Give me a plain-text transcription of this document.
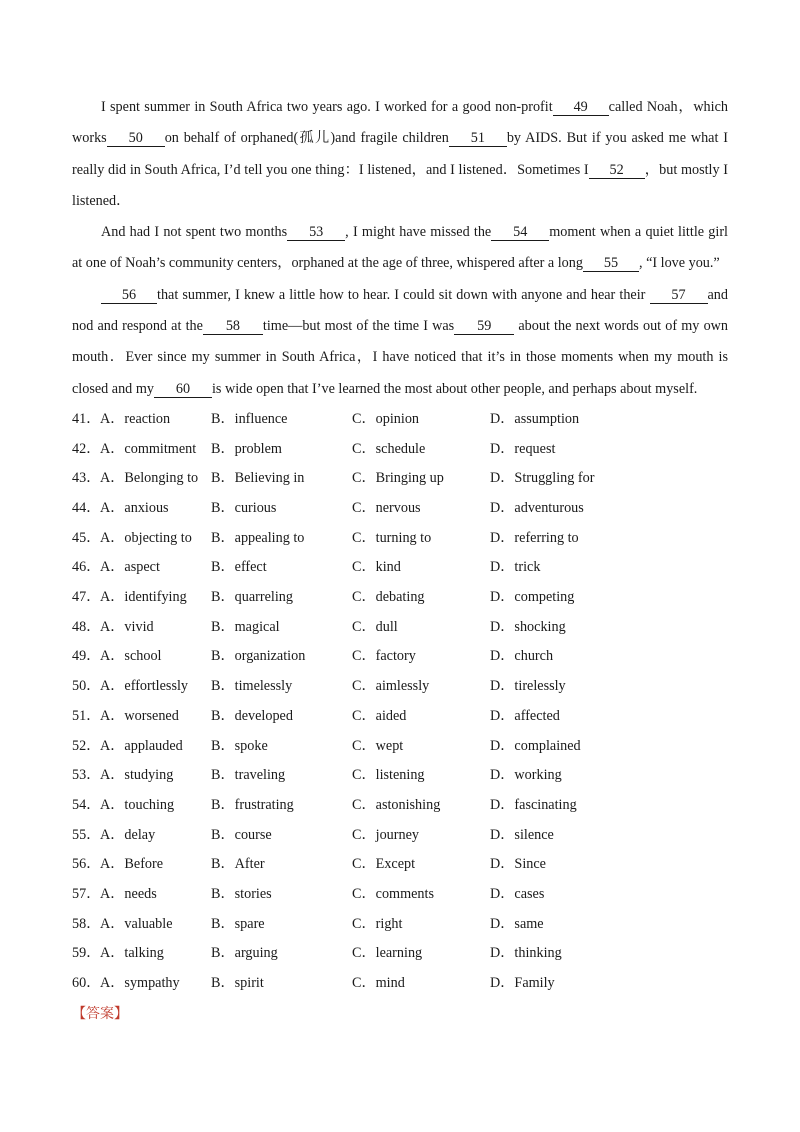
I spent summer in South Africa two years ago. I worked for a good non-profit 49 called Noah，which works 50 on behalf of orphaned(孤儿)and fragile children 51 by AIDS. But if you asked me what I really did in South Africa, I’d tell you one thing：I listened，and I listened．Sometimes I 52 ，but mostly I listened．

And had I not spent two months 53 , I might have missed the 54 moment when a quiet little girl at one of Noah’s community centers，orphaned at the age of three, whispered after a long 55 , “I love you.”

56 that summer, I knew a little how to hear. I could sit down with anyone and hear their 57 and nod and respond at the 58 time—but most of the time I was 59 about the next words out of my own mouth．Ever since my summer in South Africa，I have noticed that it’s in those moments when my mouth is closed and my 60 is wide open that I’ve learned the most about other people, and perhaps about myself.

41． A．reaction	B．influence	C．opinion	D．assumption
42． A．commitment B．problem	C．schedule	D．request
43． A．Belonging to B．Believing in	C．Bringing up	D．Struggling for
44． A．anxious	B．curious	C．nervous	D．adventurous
45． A．objecting to B．appealing to	C．turning to	D．referring to
46． A．aspect	B．effect	C．kind	D．trick
47． A．identifying B．quarreling	C．debating	D．competing
48． A．vivid	B．magical	C．dull	D．shocking
49． A．school	B．organization	C．factory	D．church
50． A．effortlessly B．timelessly	C．aimlessly	D．tirelessly
51． A．worsened B．developed	C．aided	D．affected
52． A．applauded B．spoke	C．wept	D．complained
53． A．studying	B．traveling	C．listening	D．working
54． A．touching	B．frustrating	C．astonishing	D．fascinating
55． A．delay	B．course	C．journey	D．silence
56． A．Before	B．After	C．Except	D．Since
57． A．needs	B．stories	C．comments	D．cases
58． A．valuable	B．spare	C．right	D．same
59． A．talking	B．arguing	C．learning	D．thinking
60． A．sympathy B．spirit	C．mind	D．Family
【答案】
